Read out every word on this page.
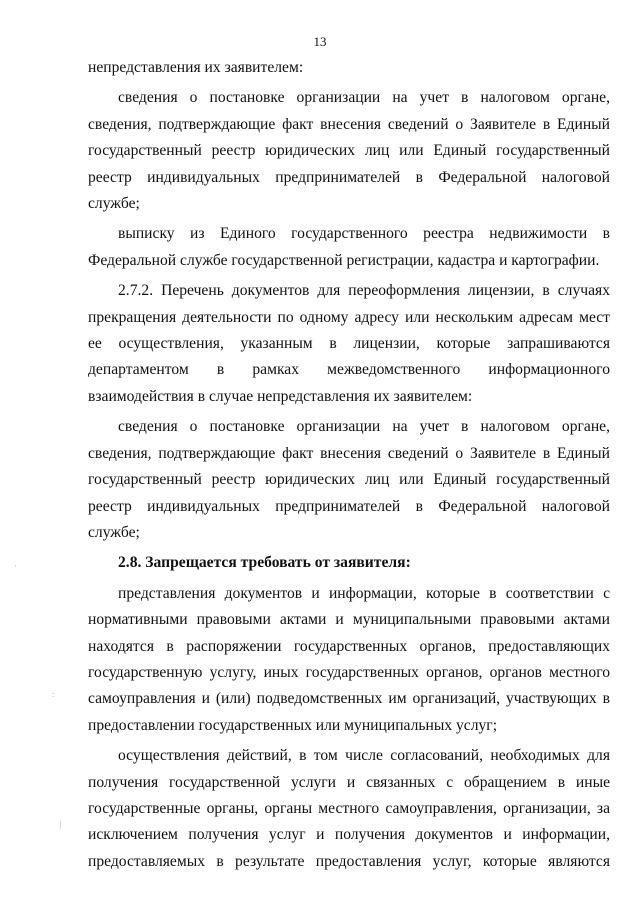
13
непредставления их заявителем:
сведения о постановке организации на учет в налоговом органе,
сведения, подтверждающие факт внесения сведений о Заявителе в Единый
государственный реестр юридических лиц или Единый государственный
реестр индивидуальных предпринимателей в Федеральной налоговой
службе;
выписку из Единого государственного реестра недвижимости в
Федеральной службе государственной регистрации, кадастра и картографии.
2.7.2. Перечень документов для переоформления лицензии, в случаях
прекращения деятельности по одному адресу или нескольким адресам мест
ее осуществления, указанным в лицензии, которые запрашиваются
департаментом в рамках межведомственного информационного
взаимодействия в случае непредставления их заявителем:
сведения о постановке организации на учет в налоговом органе,
сведения, подтверждающие факт внесения сведений о Заявителе в Единый
государственный реестр юридических лиц или Единый государственный
реестр индивидуальных предпринимателей в Федеральной налоговой
службе;
2.8. Запрещается требовать от заявителя:
представления документов и информации, которые в соответствии с
нормативными правовыми актами и муниципальными правовыми актами
находятся в распоряжении государственных органов, предоставляющих
государственную услугу, иных государственных органов, органов местного
самоуправления и (или) подведомственных им организаций, участвующих в
предоставлении государственных или муниципальных услуг;
осуществления действий, в том числе согласований, необходимых для
получения государственной услуги и связанных с обращением в иные
государственные органы, органы местного самоуправления, организации, за
исключением получения услуг и получения документов и информации,
предоставляемых в результате предоставления услуг, которые являются
·
:
|
